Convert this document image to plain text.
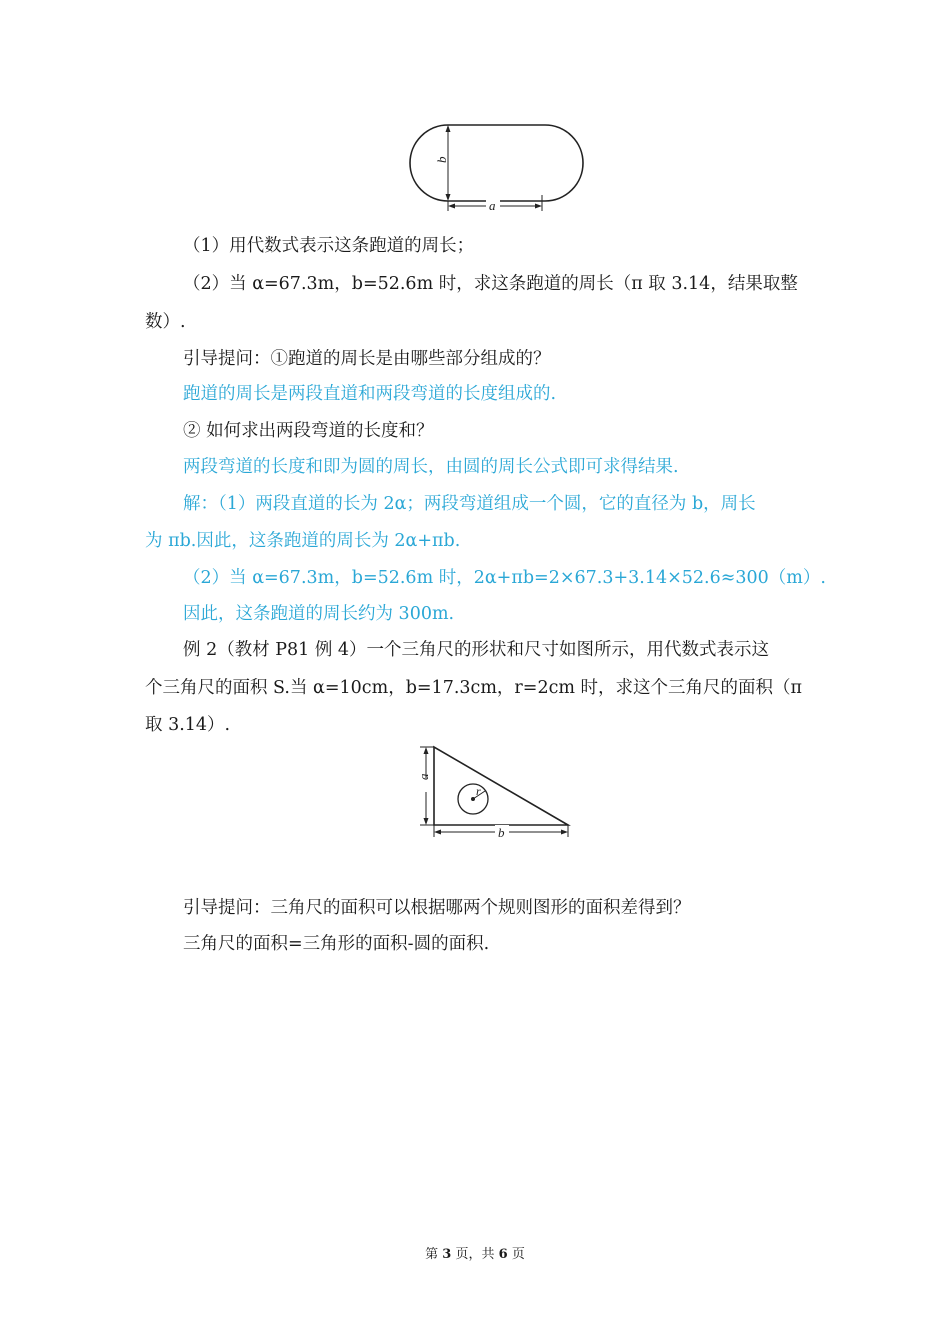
b
a
（1）用代数式表示这条跑道的周长；
（2）当 α=67.3m，b=52.6m 时，求这条跑道的周长（π 取 3.14，结果取整
数）.
引导提问：①跑道的周长是由哪些部分组成的？
跑道的周长是两段直道和两段弯道的长度组成的.
② 如何求出两段弯道的长度和？
两段弯道的长度和即为圆的周长，由圆的周长公式即可求得结果.
解：（1）两段直道的长为 2α；两段弯道组成一个圆，它的直径为 b，周长
为 πb.因此，这条跑道的周长为 2α+πb.
（2）当 α=67.3m，b=52.6m 时，2α+πb=2×67.3+3.14×52.6≈300（m）.
因此，这条跑道的周长约为 300m.
例 2（教材 P81 例 4）一个三角尺的形状和尺寸如图所示，用代数式表示这
个三角尺的面积 S.当 α=10cm，b=17.3cm，r=2cm 时，求这个三角尺的面积（π
取 3.14）.
r
a
b
引导提问：三角尺的面积可以根据哪两个规则图形的面积差得到？
三角尺的面积=三角形的面积-圆的面积.
第 3 页，共 6 页
